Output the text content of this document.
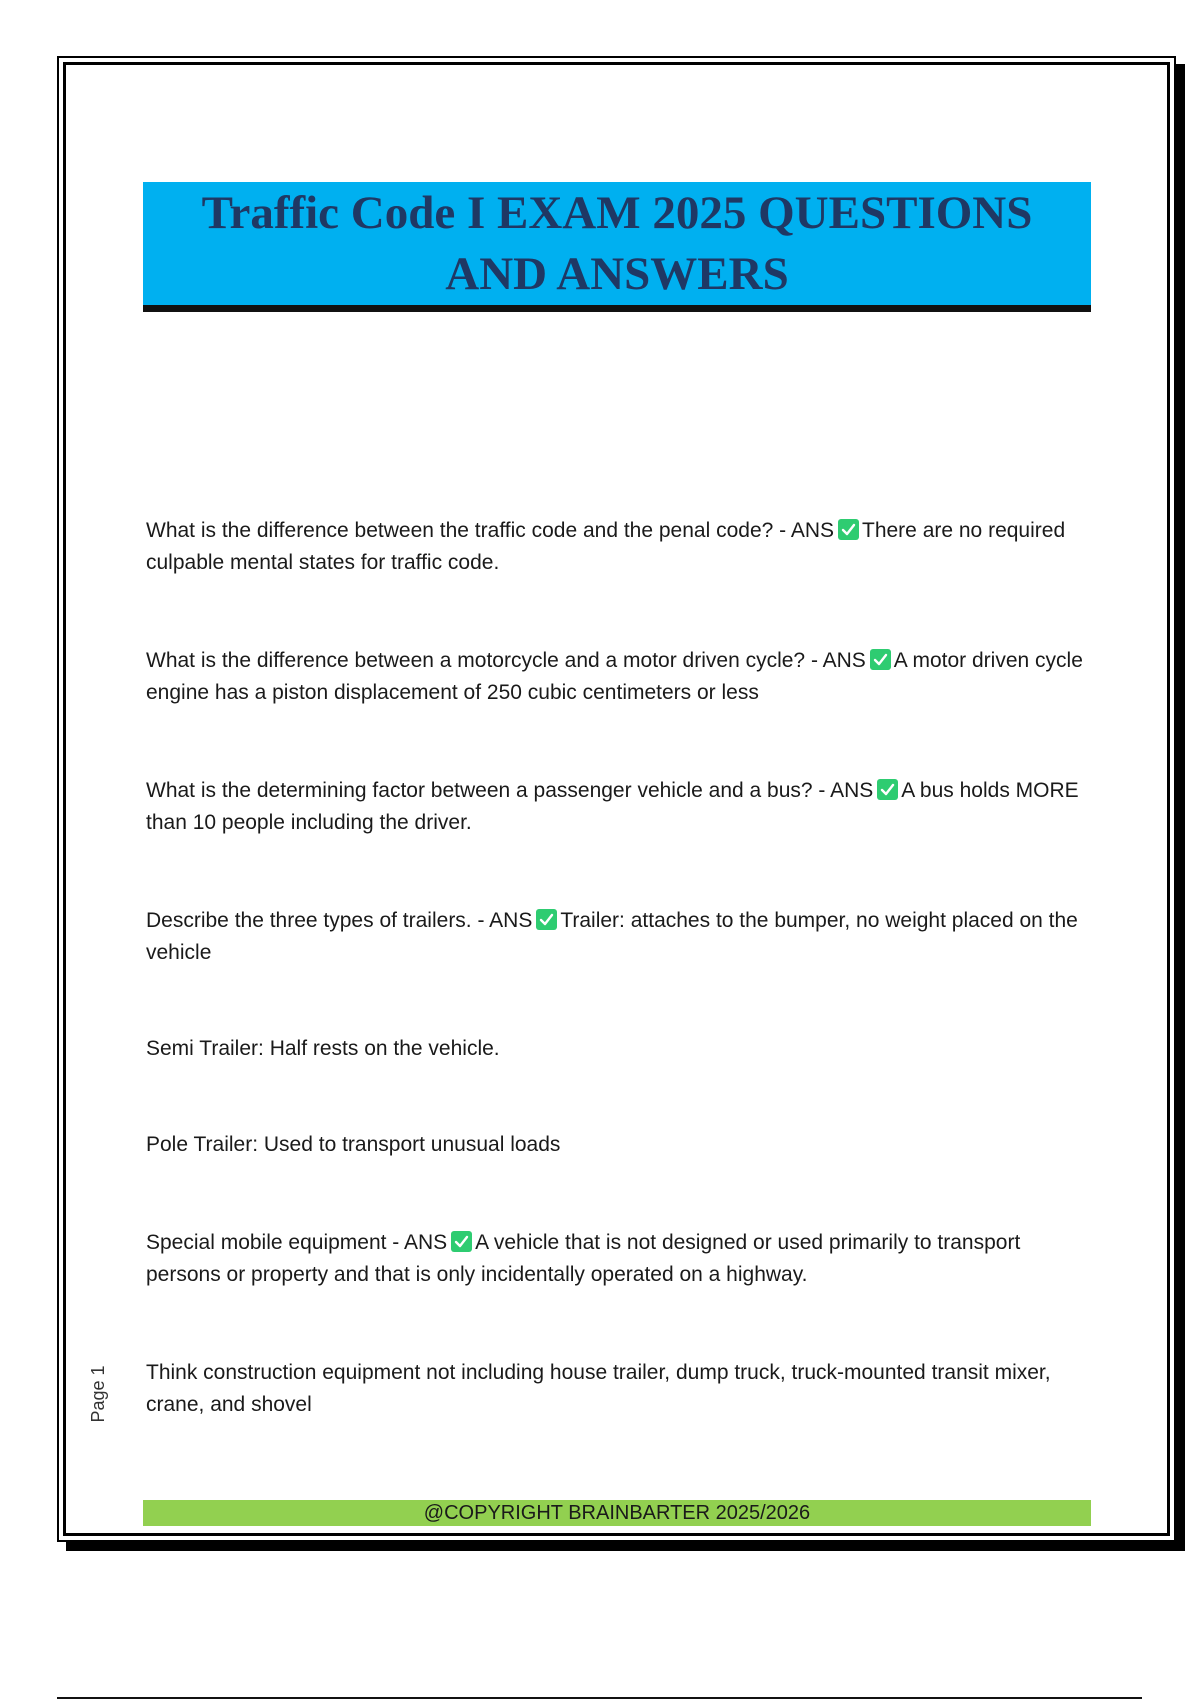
Traffic Code I EXAM 2025 QUESTIONS
AND ANSWERS

What is the difference between the traffic code and the penal code? - ANS There are no required culpable mental states for traffic code.

What is the difference between a motorcycle and a motor driven cycle? - ANS A motor driven cycle engine has a piston displacement of 250 cubic centimeters or less

What is the determining factor between a passenger vehicle and a bus? - ANS A bus holds MORE than 10 people including the driver.

Describe the three types of trailers. - ANS Trailer: attaches to the bumper, no weight placed on the vehicle

Semi Trailer: Half rests on the vehicle.

Pole Trailer: Used to transport unusual loads

Special mobile equipment - ANS A vehicle that is not designed or used primarily to transport persons or property and that is only incidentally operated on a highway.

Think construction equipment not including house trailer, dump truck, truck-mounted transit mixer, crane, and shovel

Page

1
@COPYRIGHT BRAINBARTER 2025/2026
